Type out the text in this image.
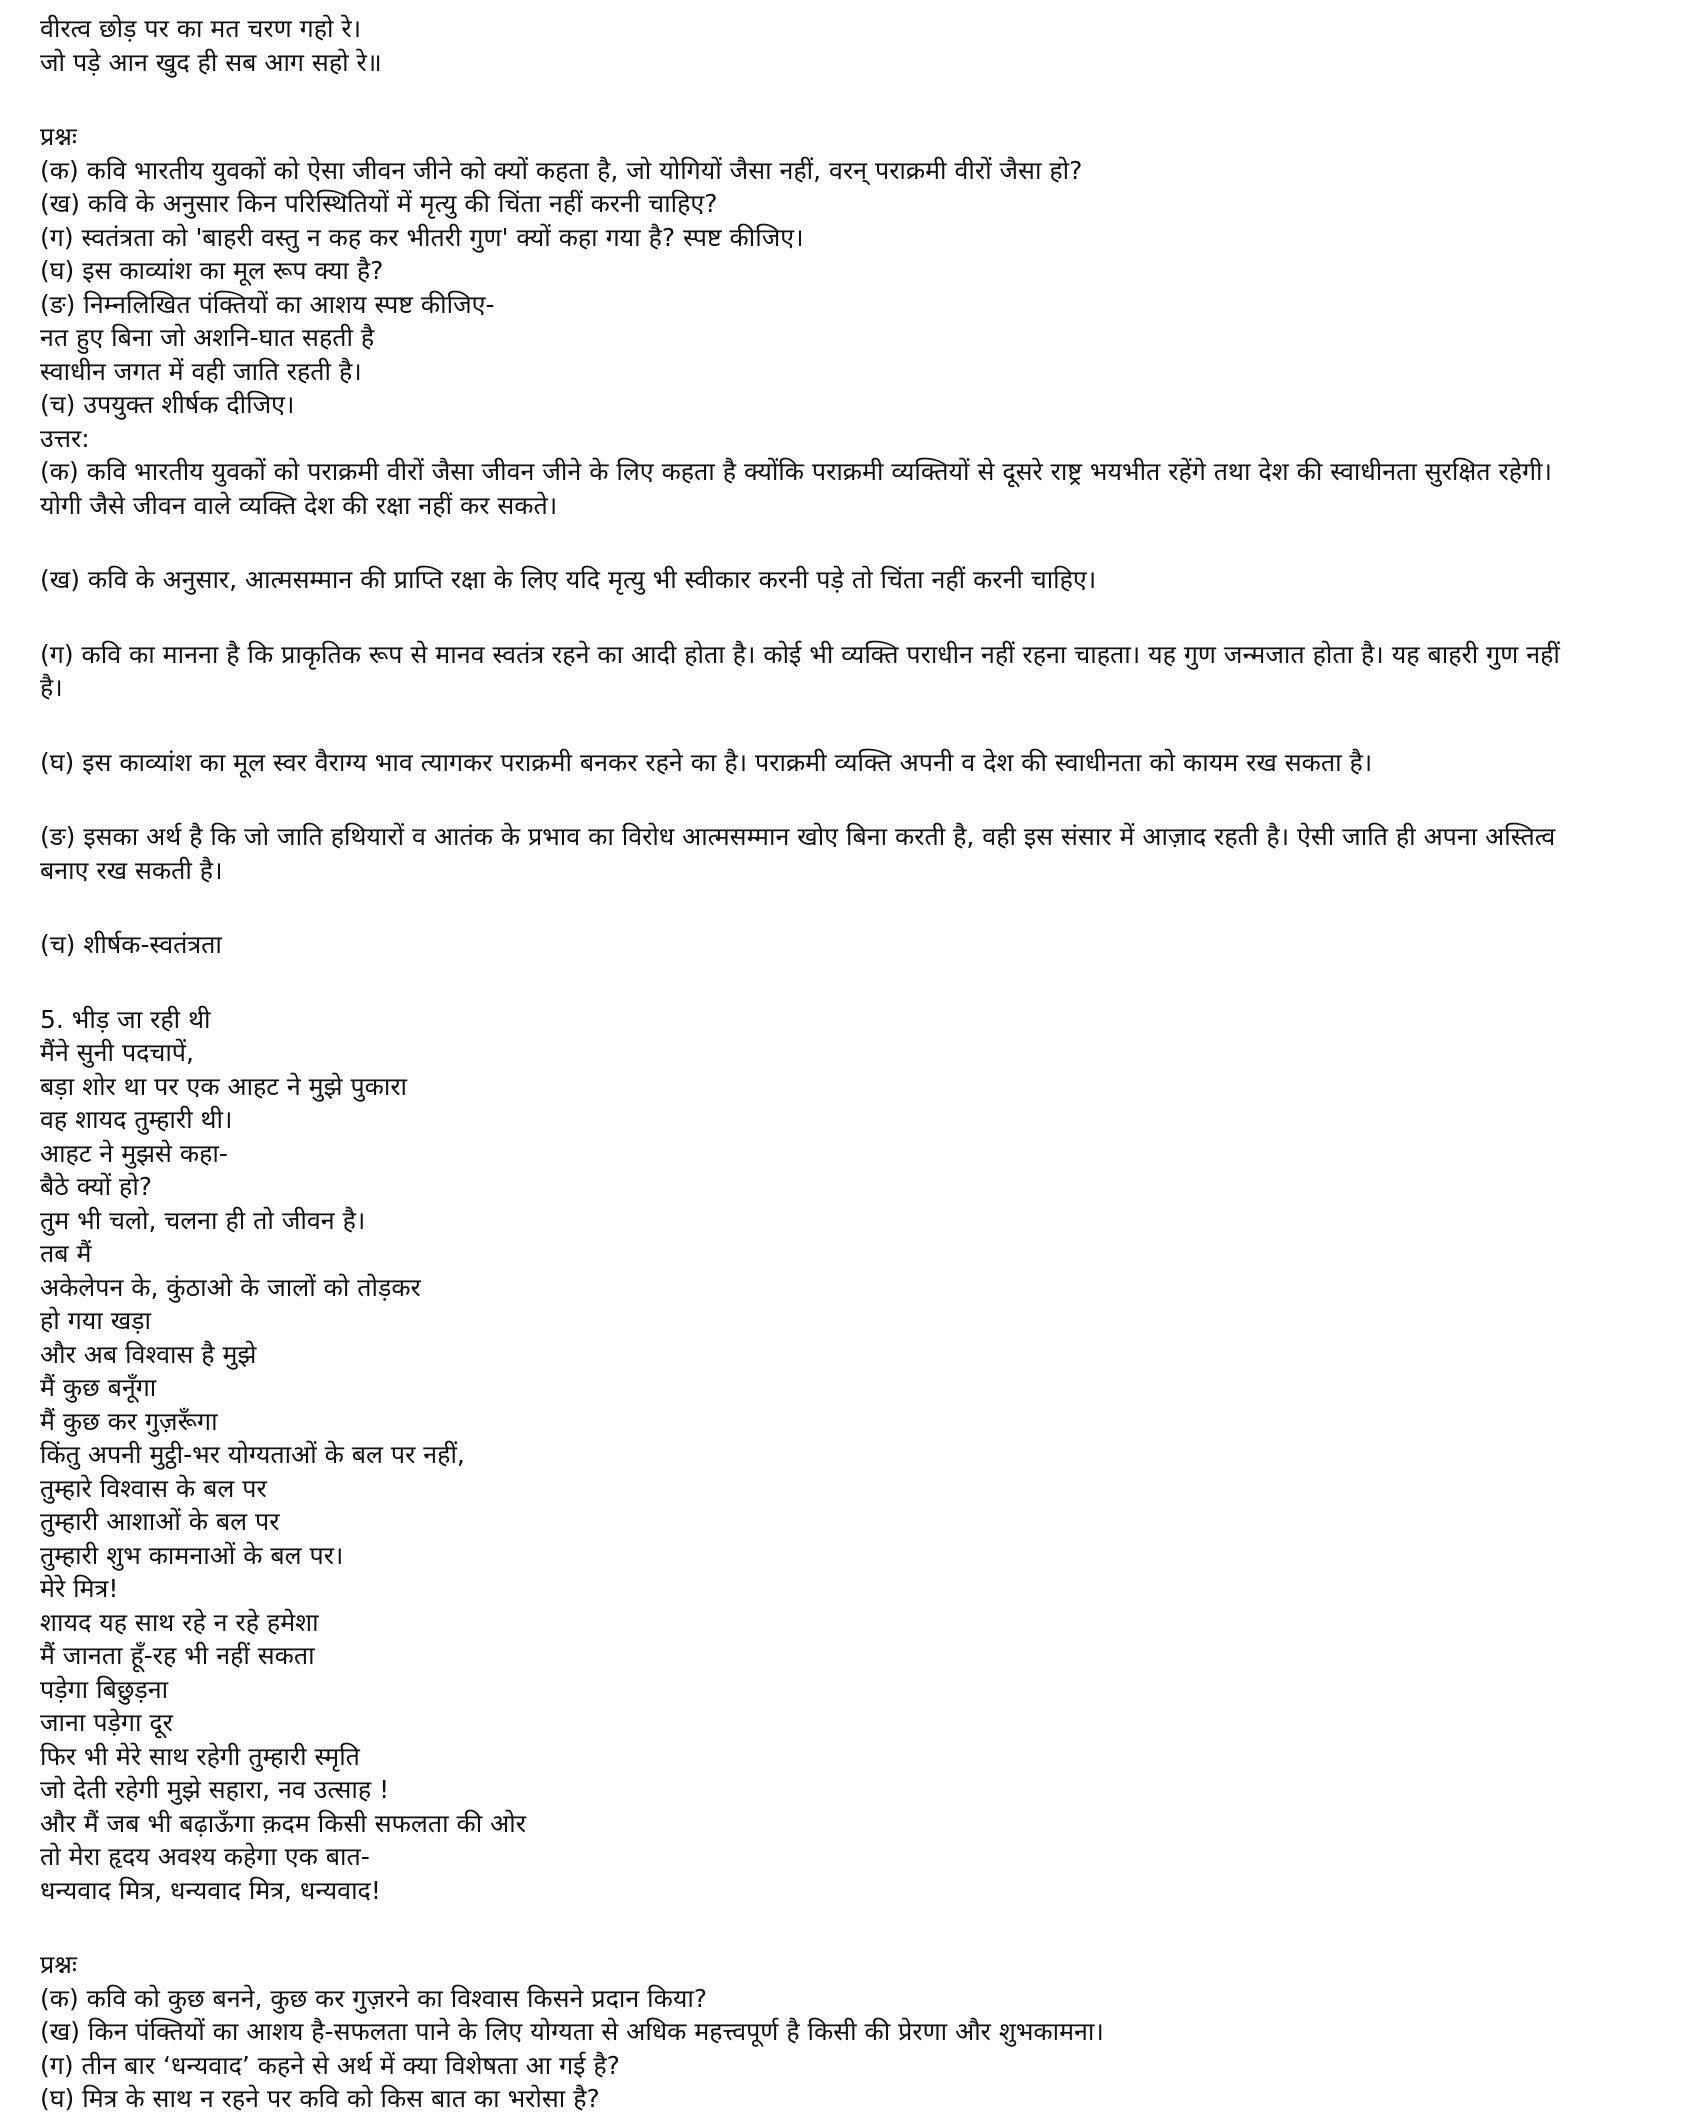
वीरत्व छोड़ पर का मत चरण गहो रे।
जो पड़े आन खुद ही सब आग सहो रे॥
प्रश्नः
(क) कवि भारतीय युवकों को ऐसा जीवन जीने को क्यों कहता है, जो योगियों जैसा नहीं, वरन् पराक्रमी वीरों जैसा हो?
(ख) कवि के अनुसार किन परिस्थितियों में मृत्यु की चिंता नहीं करनी चाहिए?
(ग) स्वतंत्रता को 'बाहरी वस्तु न कह कर भीतरी गुण' क्यों कहा गया है? स्पष्ट कीजिए।
(घ) इस काव्यांश का मूल रूप क्या है?
(ङ) निम्नलिखित पंक्तियों का आशय स्पष्ट कीजिए-
नत हुए बिना जो अशनि-घात सहती है
स्वाधीन जगत में वही जाति रहती है।
(च) उपयुक्त शीर्षक दीजिए।
उत्तर:
(क) कवि भारतीय युवकों को पराक्रमी वीरों जैसा जीवन जीने के लिए कहता है क्योंकि पराक्रमी व्यक्तियों से दूसरे राष्ट्र भयभीत रहेंगे तथा देश की स्वाधीनता सुरक्षित रहेगी।
योगी जैसे जीवन वाले व्यक्ति देश की रक्षा नहीं कर सकते।
(ख) कवि के अनुसार, आत्मसम्मान की प्राप्ति रक्षा के लिए यदि मृत्यु भी स्वीकार करनी पड़े तो चिंता नहीं करनी चाहिए।
(ग) कवि का मानना है कि प्राकृतिक रूप से मानव स्वतंत्र रहने का आदी होता है। कोई भी व्यक्ति पराधीन नहीं रहना चाहता। यह गुण जन्मजात होता है। यह बाहरी गुण नहीं
है।
(घ) इस काव्यांश का मूल स्वर वैराग्य भाव त्यागकर पराक्रमी बनकर रहने का है। पराक्रमी व्यक्ति अपनी व देश की स्वाधीनता को कायम रख सकता है।
(ङ) इसका अर्थ है कि जो जाति हथियारों व आतंक के प्रभाव का विरोध आत्मसम्मान खोए बिना करती है, वही इस संसार में आज़ाद रहती है। ऐसी जाति ही अपना अस्तित्व
बनाए रख सकती है।
(च) शीर्षक-स्वतंत्रता
5. भीड़ जा रही थी
मैंने सुनी पदचापें,
बड़ा शोर था पर एक आहट ने मुझे पुकारा
वह शायद तुम्हारी थी।
आहट ने मुझसे कहा-
बैठे क्यों हो?
तुम भी चलो, चलना ही तो जीवन है।
तब मैं
अकेलेपन के, कुंठाओ के जालों को तोड़कर
हो गया खड़ा
और अब विश्वास है मुझे
मैं कुछ बनूँगा
मैं कुछ कर गुज़रूँगा
किंतु अपनी मुट्ठी-भर योग्यताओं के बल पर नहीं,
तुम्हारे विश्वास के बल पर
तुम्हारी आशाओं के बल पर
तुम्हारी शुभ कामनाओं के बल पर।
मेरे मित्र!
शायद यह साथ रहे न रहे हमेशा
मैं जानता हूँ-रह भी नहीं सकता
पड़ेगा बिछुड़ना
जाना पड़ेगा दूर
फिर भी मेरे साथ रहेगी तुम्हारी स्मृति
जो देती रहेगी मुझे सहारा, नव उत्साह !
और मैं जब भी बढ़ाऊँगा क़दम किसी सफलता की ओर
तो मेरा हृदय अवश्य कहेगा एक बात-
धन्यवाद मित्र, धन्यवाद मित्र, धन्यवाद!
प्रश्नः
(क) कवि को कुछ बनने, कुछ कर गुज़रने का विश्वास किसने प्रदान किया?
(ख) किन पंक्तियों का आशय है-सफलता पाने के लिए योग्यता से अधिक महत्त्वपूर्ण है किसी की प्रेरणा और शुभकामना।
(ग) तीन बार ‘धन्यवाद’ कहने से अर्थ में क्या विशेषता आ गई है?
(घ) मित्र के साथ न रहने पर कवि को किस बात का भरोसा है?
